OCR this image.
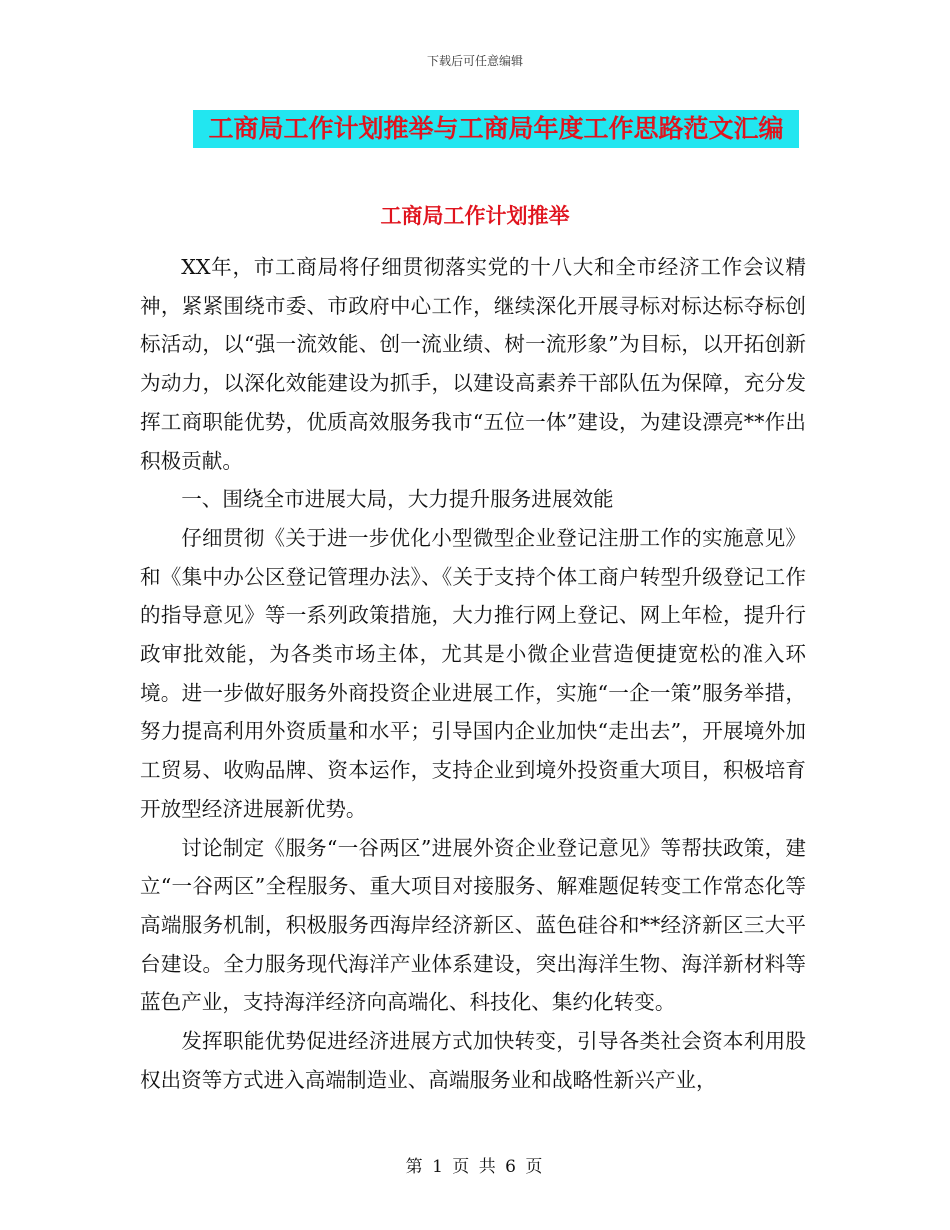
下载后可任意编辑
工商局工作计划推举与工商局年度工作思路范文汇编
工商局工作计划推举

XX年，市工商局将仔细贯彻落实党的十八大和全市经济工作会议精神，紧紧围绕市委、市政府中心工作，继续深化开展寻标对标达标夺标创标活动，以“强一流效能、创一流业绩、树一流形象”为目标，以开拓创新为动力，以深化效能建设为抓手，以建设高素养干部队伍为保障，充分发挥工商职能优势，优质高效服务我市“五位一体”建设，为建设漂亮**作出积极贡献。

一、围绕全市进展大局，大力提升服务进展效能

仔细贯彻《关于进一步优化小型微型企业登记注册工作的实施意见》和《集中办公区登记管理办法》、《关于支持个体工商户转型升级登记工作的指导意见》等一系列政策措施，大力推行网上登记、网上年检，提升行政审批效能，为各类市场主体，尤其是小微企业营造便捷宽松的准入环境。进一步做好服务外商投资企业进展工作，实施“一企一策”服务举措，努力提高利用外资质量和水平；引导国内企业加快“走出去”，开展境外加工贸易、收购品牌、资本运作，支持企业到境外投资重大项目，积极培育开放型经济进展新优势。

讨论制定《服务“一谷两区”进展外资企业登记意见》等帮扶政策，建立“一谷两区”全程服务、重大项目对接服务、解难题促转变工作常态化等高端服务机制，积极服务西海岸经济新区、蓝色硅谷和**经济新区三大平台建设。全力服务现代海洋产业体系建设，突出海洋生物、海洋新材料等蓝色产业，支持海洋经济向高端化、科技化、集约化转变。

发挥职能优势促进经济进展方式加快转变，引导各类社会资本利用股权出资等方式进入高端制造业、高端服务业和战略性新兴产业，

第 1 页 共 6 页
